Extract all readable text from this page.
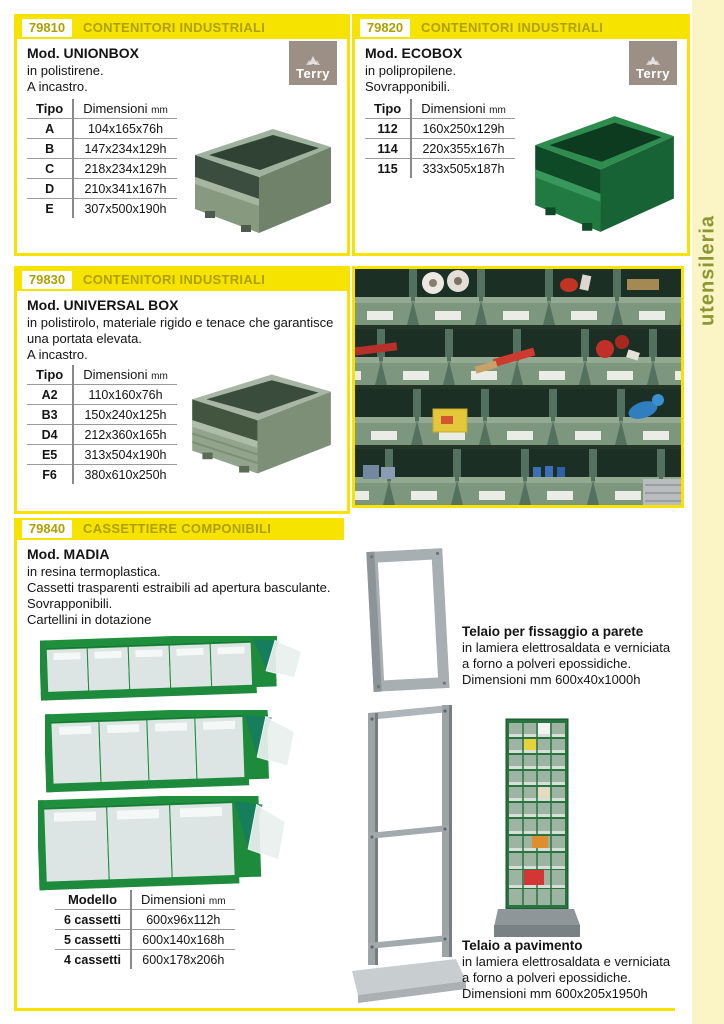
79810	CONTENITORI INDUSTRIALI
Mod. UNIONBOX
in polistirene.
A incastro.
Terry
Tipo	Dimensioni mm
A	104x165x76h
B	147x234x129h
C	218x234x129h
D	210x341x167h
E	307x500x190h
79820	CONTENITORI INDUSTRIALI
Mod. ECOBOX
in polipropilene.
Sovrapponibili.
Terry
Tipo	Dimensioni mm
112	160x250x129h
114	220x355x167h
115	333x505x187h
79830	CONTENITORI INDUSTRIALI
Mod. UNIVERSAL BOX
in polistirolo, materiale rigido e tenace che garantisce
una portata elevata.
A incastro.
Tipo	Dimensioni mm
A2	110x160x76h
B3	150x240x125h
D4	212x360x165h
E5	313x504x190h
F6	380x610x250h
79840	CASSETTIERE COMPONIBILI
Mod. MADIA
in resina termoplastica.
Cassetti trasparenti estraibili ad apertura basculante.
Sovrapponibili.
Cartellini in dotazione
Modello	Dimensioni mm
6 cassetti	600x96x112h
5 cassetti	600x140x168h
4 cassetti	600x178x206h
Telaio per fissaggio a parete
in lamiera elettrosaldata e verniciata
a forno a polveri epossidiche.
Dimensioni mm 600x40x1000h
Telaio a pavimento
in lamiera elettrosaldata e verniciata
a forno a polveri epossidiche.
Dimensioni mm 600x205x1950h
utensileria
